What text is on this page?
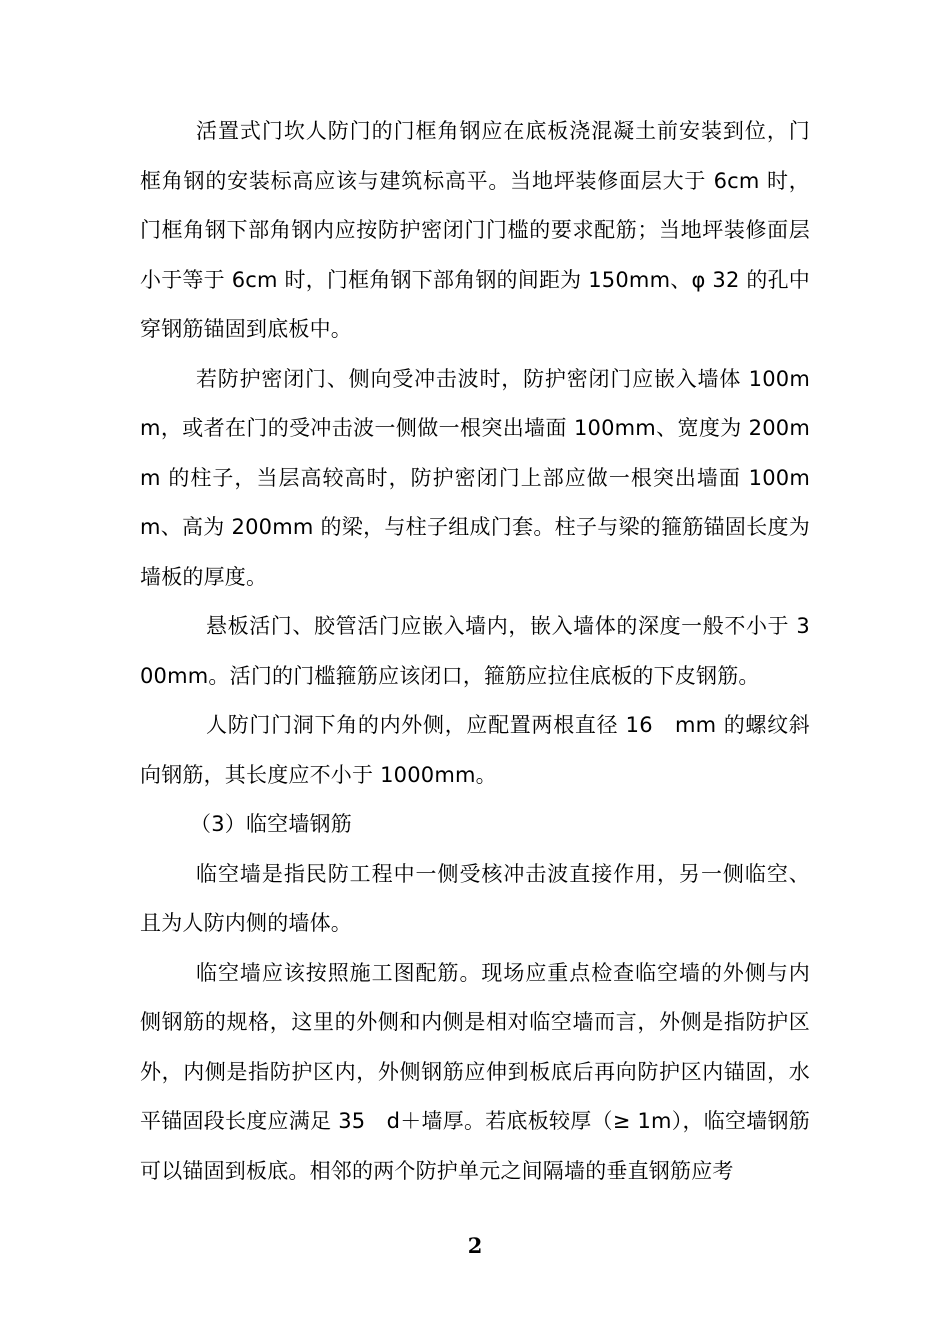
活置式门坎人防门的门框角钢应在底板浇混凝土前安装到位，门框角钢的安装标高应该与建筑标高平。当地坪装修面层大于 6cm 时，门框角钢下部角钢内应按防护密闭门门槛的要求配筋；当地坪装修面层小于等于 6cm 时，门框角钢下部角钢的间距为 150mm、φ 32 的孔中穿钢筋锚固到底板中。

若防护密闭门、侧向受冲击波时，防护密闭门应嵌入墙体 100mm，或者在门的受冲击波一侧做一根突出墙面 100mm、宽度为 200mm 的柱子，当层高较高时，防护密闭门上部应做一根突出墙面 100mm、高为 200mm 的梁，与柱子组成门套。柱子与梁的箍筋锚固长度为墙板的厚度。

悬板活门、胶管活门应嵌入墙内，嵌入墙体的深度一般不小于 300mm。活门的门槛箍筋应该闭口，箍筋应拉住底板的下皮钢筋。

人防门门洞下角的内外侧，应配置两根直径 16　mm 的螺纹斜向钢筋，其长度应不小于 1000mm。

（3）临空墙钢筋

临空墙是指民防工程中一侧受核冲击波直接作用，另一侧临空、且为人防内侧的墙体。

临空墙应该按照施工图配筋。现场应重点检查临空墙的外侧与内侧钢筋的规格，这里的外侧和内侧是相对临空墙而言，外侧是指防护区外，内侧是指防护区内，外侧钢筋应伸到板底后再向防护区内锚固，水平锚固段长度应满足 35　d＋墙厚。若底板较厚（≥ 1m），临空墙钢筋可以锚固到板底。相邻的两个防护单元之间隔墙的垂直钢筋应考

2
